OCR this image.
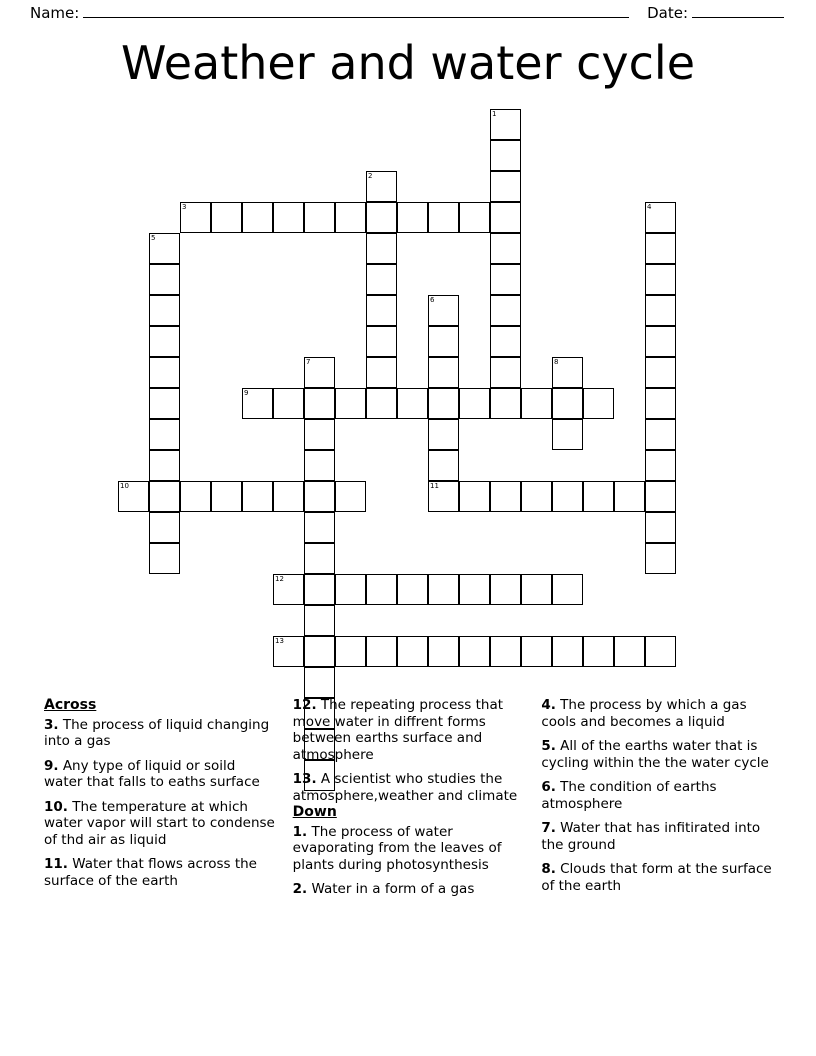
Name:	Date:
Weather and water cycle
1
2
3	4
5
6
7	8
9
10	11
12
13
Across

3. The process of liquid changing into a gas

9. Any type of liquid or soild water that falls to eaths surface

10. The temperature at which water vapor will start to condense of thd air as liquid

11. Water that flows across the surface of the earth

12. The repeating process that move water in diffrent forms between earths surface and atmosphere

13. A scientist who studies the atmosphere,weather and climate

Down

1. The process of water evaporating from the leaves of plants during photosynthesis

2. Water in a form of a gas

4. The process by which a gas cools and becomes a liquid

5. All of the earths water that is cycling within the the water cycle

6. The condition of earths atmosphere

7. Water that has infitirated into the ground

8. Clouds that form at the surface of the earth
